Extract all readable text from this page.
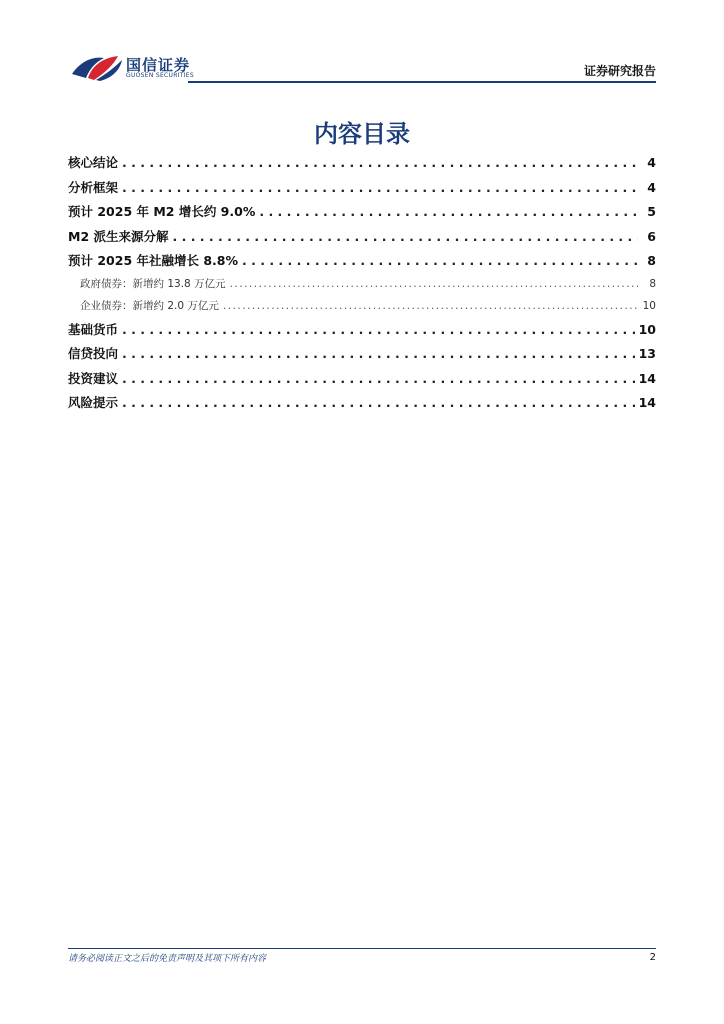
国信证券
GUOSEN SECURITIES	证券研究报告
内容目录
核心结论 . . .	4
分析框架 . . .	4
预计 2025 年 M2 增长约 9.0% . . .	5
M2 派生来源分解 . . .	6
预计 2025 年社融增长 8.8% . . .	8
政府债券：新增约 13.8 万亿元 .....	8
企业债券：新增约 2.0 万亿元 .....	10
基础货币 . . .	10
信贷投向 . . .	13
投资建议 . . .	14
风险提示 . . .	14
请务必阅读正文之后的免责声明及其项下所有内容	2
